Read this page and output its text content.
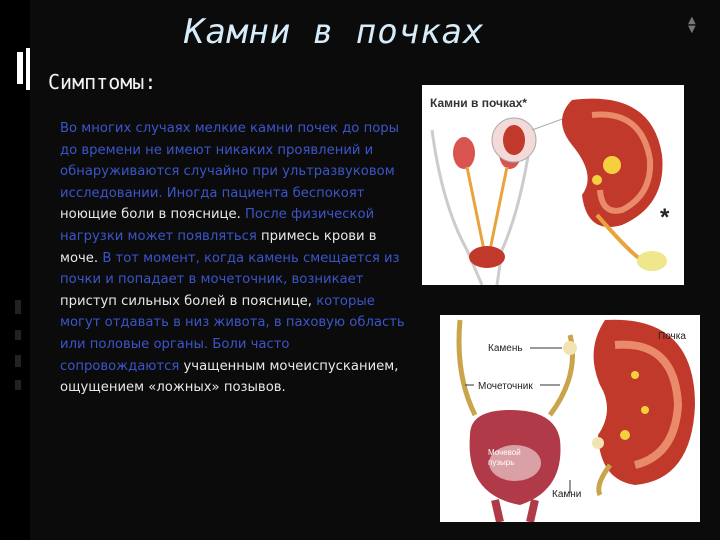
▲
▼
Камни в почках
Симптомы:
Во многих случаях мелкие камни почек до поры до времени не имеют никаких проявлений и обнаруживаются случайно при ультразвуковом исследовании. Иногда пациента беспокоят ноющие боли в пояснице. После физической нагрузки может появляться примесь крови в моче. В тот момент, когда камень смещается из почки и попадает в мочеточник, возникает приступ сильных болей в пояснице, которые могут отдавать в низ живота, в паховую область или половые органы. Боли часто сопровождаются учащенным мочеиспусканием, ощущением «ложных» позывов.
Камни в почках*
*
Камень
Мочеточник
Мочевой
пузырь
Почка
Камни
